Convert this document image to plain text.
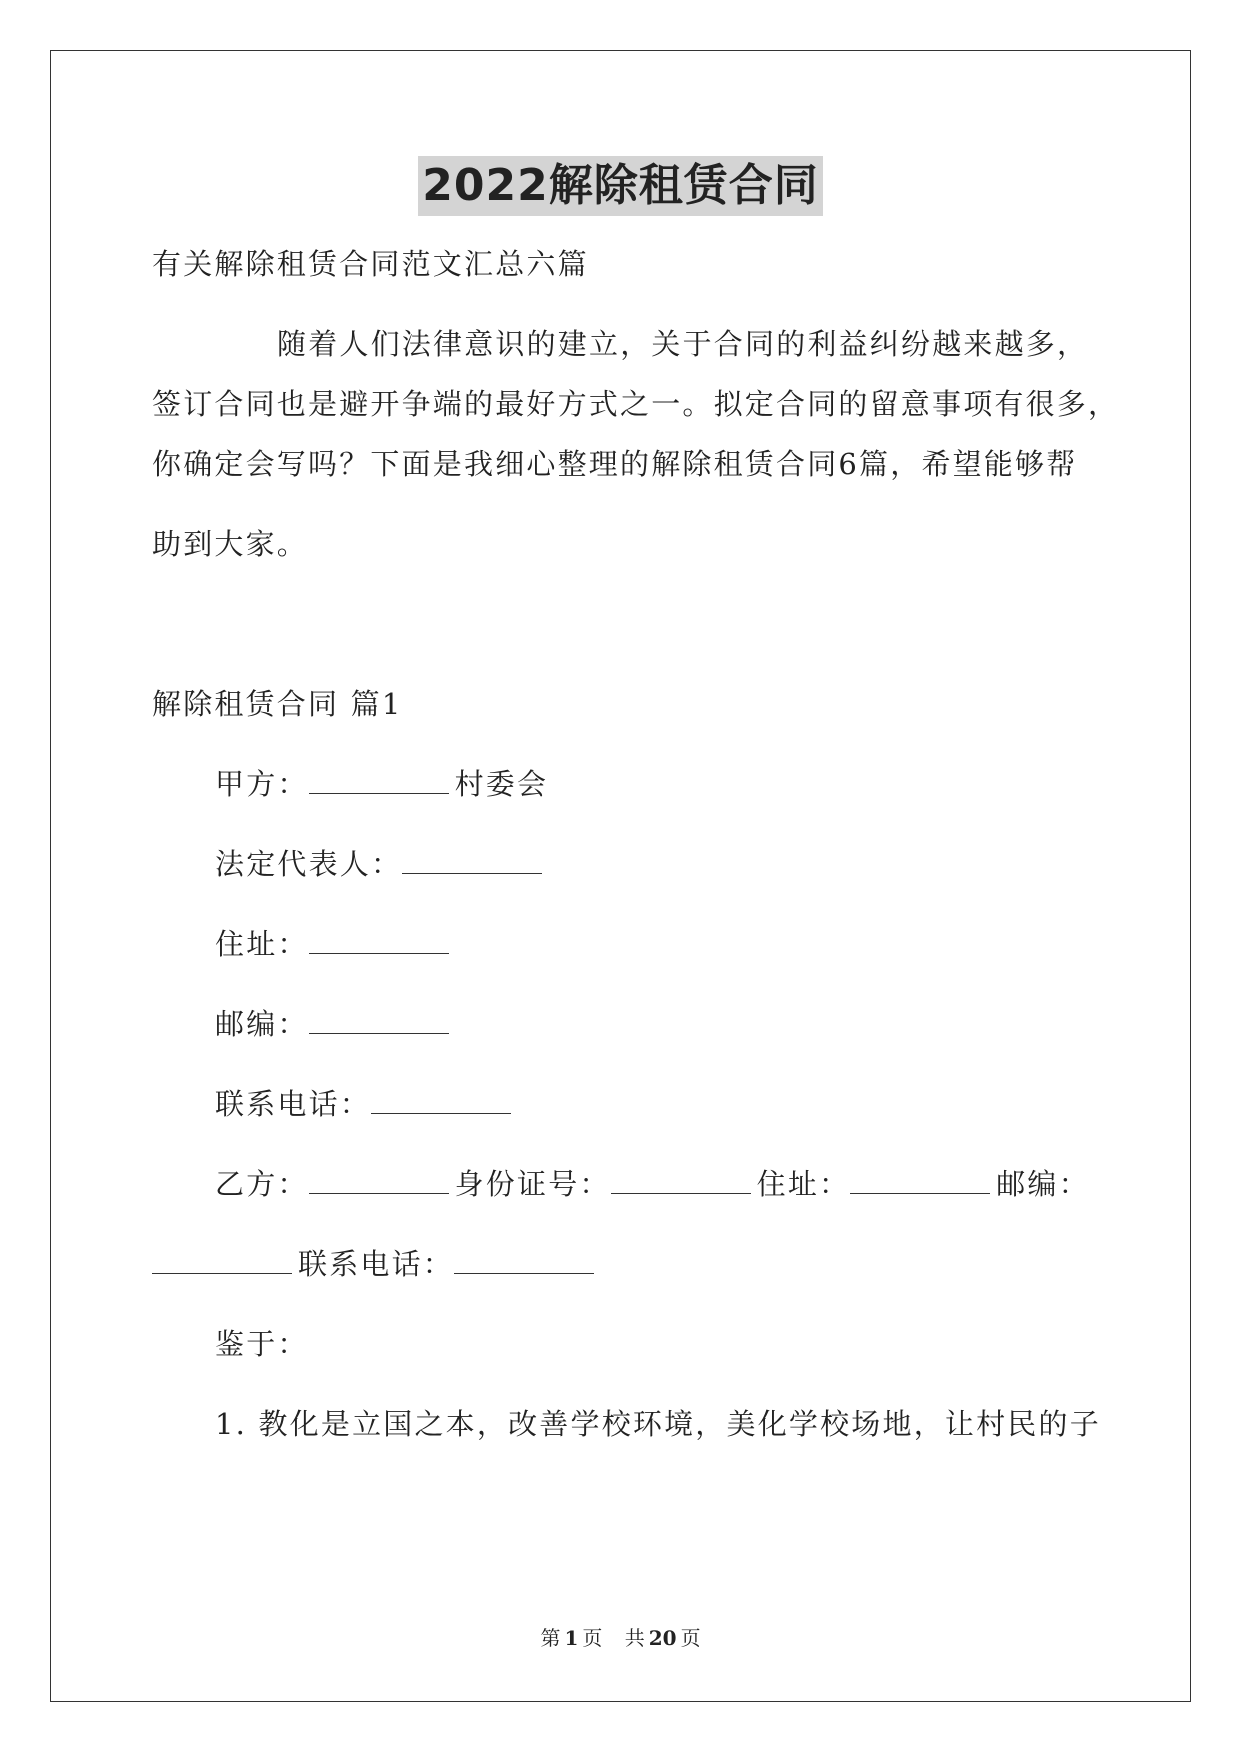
2022解除租赁合同
有关解除租赁合同范文汇总六篇
随着人们法律意识的建立，关于合同的利益纠纷越来越多，
签订合同也是避开争端的最好方式之一。拟定合同的留意事项有很多，
你确定会写吗？下面是我细心整理的解除租赁合同6篇，希望能够帮
助到大家。
解除租赁合同 篇1
甲方：	村委会
法定代表人：
住址：
邮编：
联系电话：
乙方：	身份证号：	住址：	邮编：
联系电话：
鉴于：
1. 教化是立国之本，改善学校环境，美化学校场地，让村民的子
第 1 页 共 20 页
